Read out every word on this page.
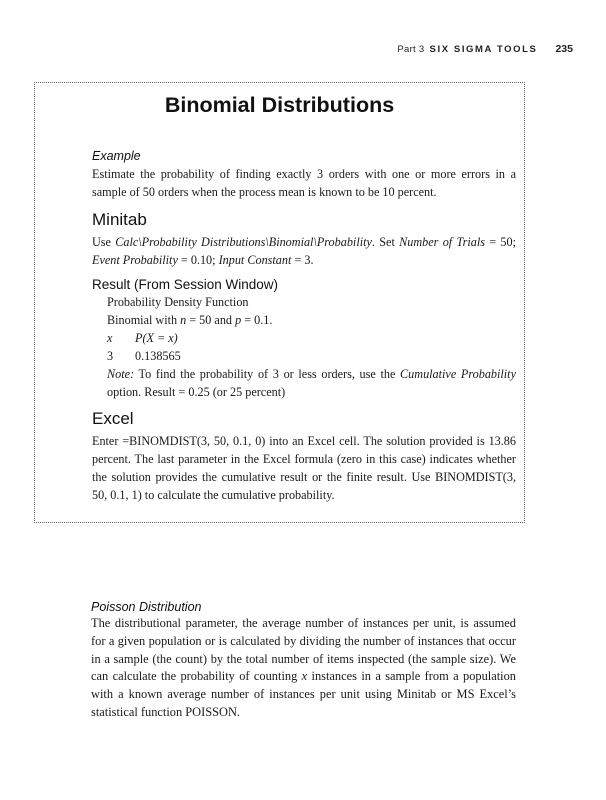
Part 3 SIX SIGMA TOOLS 235
Binomial Distributions
Example

Estimate the probability of finding exactly 3 orders with one or more errors in a sample of 50 orders when the process mean is known to be 10 percent.

Minitab

Use Calc\Probability Distributions\Binomial\Probability. Set Number of Trials = 50; Event Probability = 0.10; Input Constant = 3.

Result (From Session Window)
Probability Density Function
Binomial with n = 50 and p = 0.1.
x	P(X = x)
3	0.138565
Note: To find the probability of 3 or less orders, use the Cumulative Probability option. Result = 0.25 (or 25 percent)
Excel

Enter =BINOMDIST(3, 50, 0.1, 0) into an Excel cell. The solution provided is 13.86 percent. The last parameter in the Excel formula (zero in this case) indicates whether the solution provides the cumulative result or the finite result. Use BINOMDIST(3, 50, 0.1, 1) to calculate the cumulative probability.

Poisson Distribution

The distributional parameter, the average number of instances per unit, is assumed for a given population or is calculated by dividing the number of instances that occur in a sample (the count) by the total number of items inspected (the sample size). We can calculate the probability of counting x instances in a sample from a population with a known average number of instances per unit using Minitab or MS Excel’s statistical function POISSON.
